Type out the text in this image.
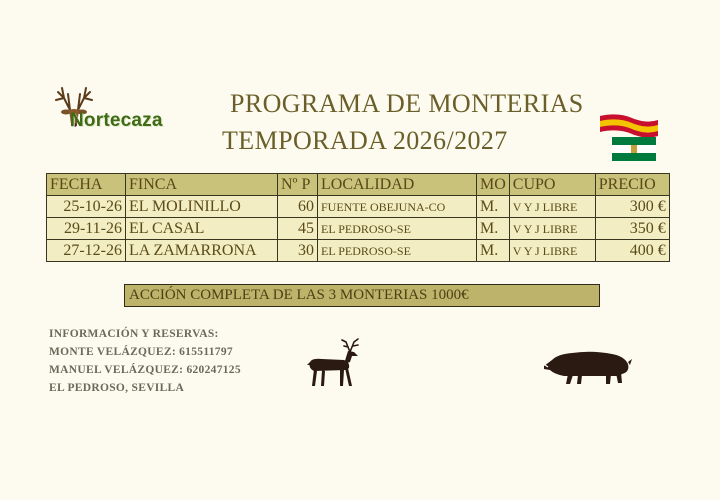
Nortecaza
PROGRAMA DE MONTERIAS
TEMPORADA 2026/2027
FECHA	FINCA	Nº P	LOCALIDAD	MO	CUPO	PRECIO
25-10-26	EL MOLINILLO	60	FUENTE OBEJUNA-CO	M.	V Y J LIBRE	300 €
29-11-26	EL CASAL	45	EL PEDROSO-SE	M.	V Y J LIBRE	350 €
27-12-26	LA ZAMARRONA	30	EL PEDROSO-SE	M.	V Y J LIBRE	400 €
ACCIÓN COMPLETA DE LAS 3 MONTERIAS 1000€
INFORMACIÓN Y RESERVAS:
MONTE VELÁZQUEZ: 615511797
MANUEL VELÁZQUEZ: 620247125
EL PEDROSO, SEVILLA
